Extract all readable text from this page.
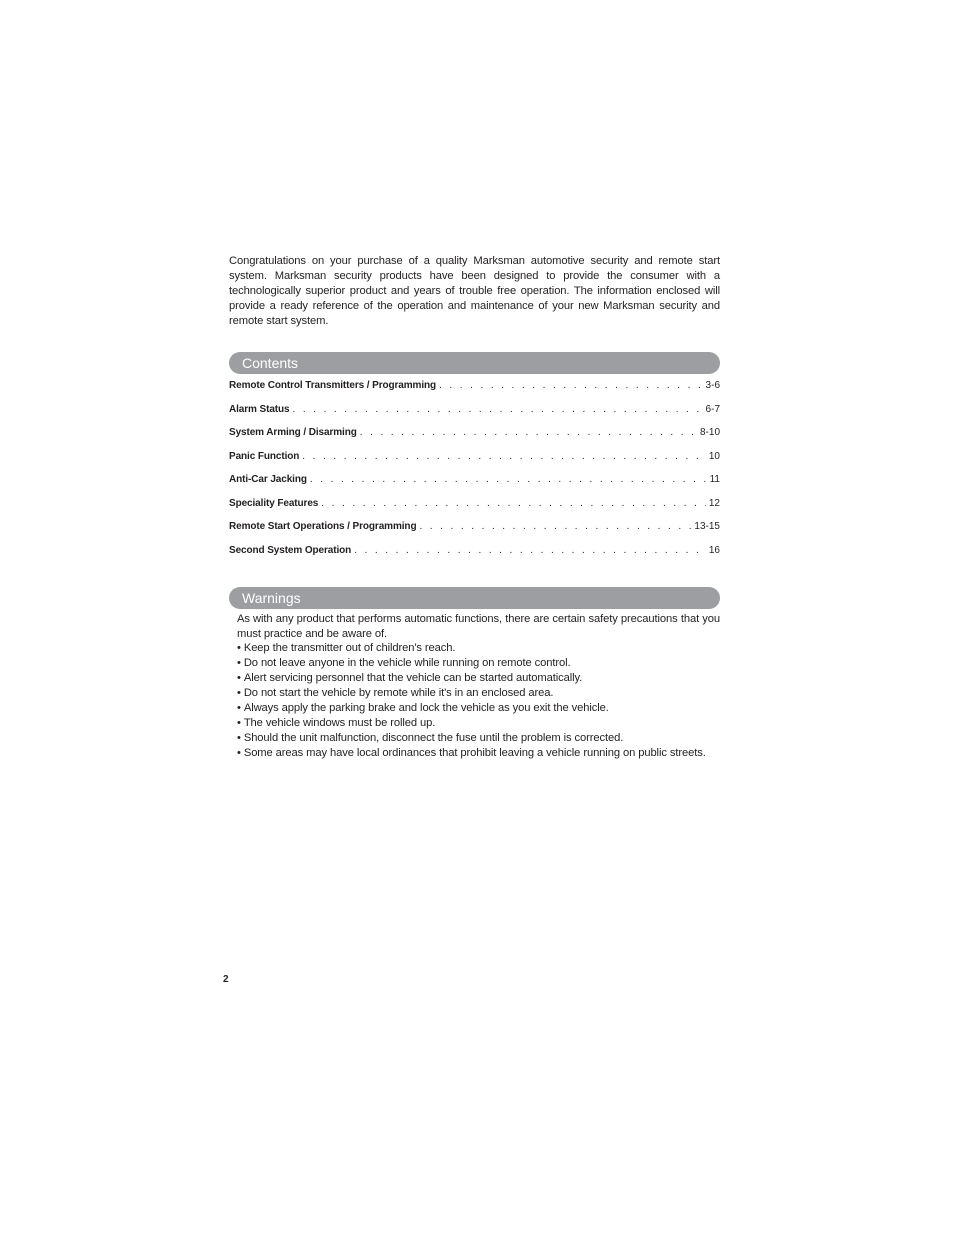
Congratulations on your purchase of a quality Marksman automotive security and remote start system. Marksman security products have been designed to provide the consumer with a technologically superior product and years of trouble free operation. The information enclosed will provide a ready reference of the operation and maintenance of your new Marksman security and remote start system.

Contents
Remote Control Transmitters / Programming . . .	3-6
Alarm Status . . .	6-7
System Arming / Disarming . . .	8-10
Panic Function . . .	10
Anti-Car Jacking . . .	11
Speciality Features . . .	12
Remote Start Operations / Programming . . .	13-15
Second System Operation . . .	16
Warnings

As with any product that performs automatic functions, there are certain safety precautions that you must practice and be aware of.

• Keep the transmitter out of children's reach.
• Do not leave anyone in the vehicle while running on remote control.
• Alert servicing personnel that the vehicle can be started automatically.
• Do not start the vehicle by remote while it's in an enclosed area.
• Always apply the parking brake and lock the vehicle as you exit the vehicle.
• The vehicle windows must be rolled up.
• Should the unit malfunction, disconnect the fuse until the problem is corrected.
• Some areas may have local ordinances that prohibit leaving a vehicle running on public streets.
2
